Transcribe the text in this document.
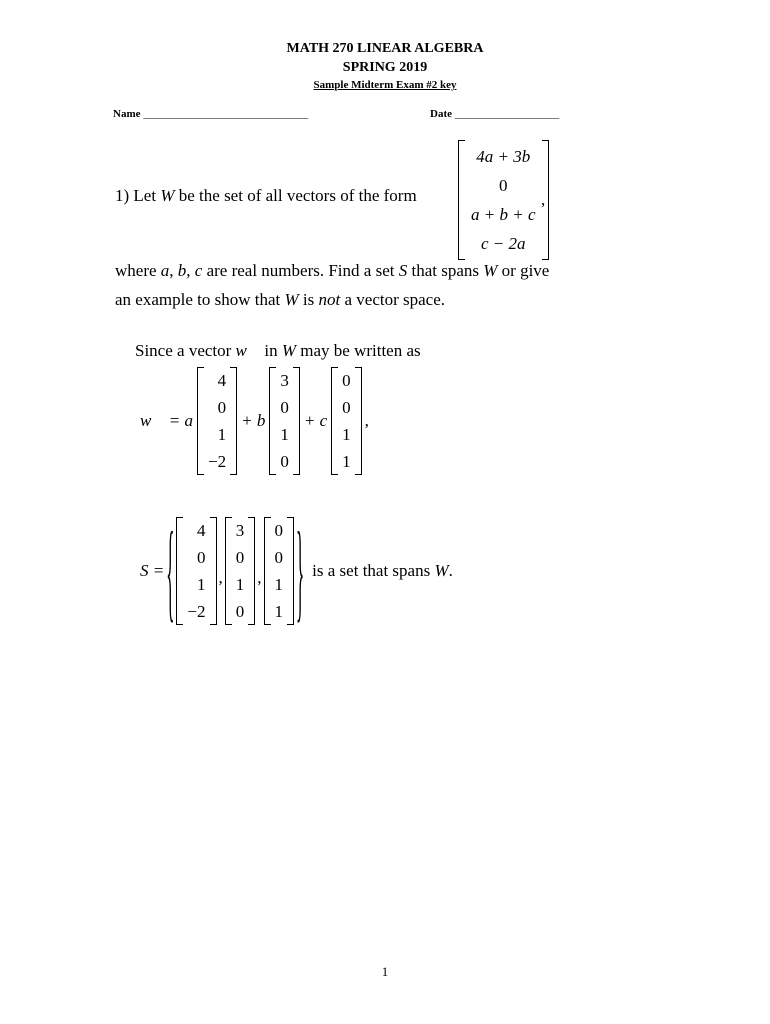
MATH 270 LINEAR ALGEBRA
SPRING 2019
Sample Midterm Exam #2 key
Name ______________________________	Date ___________________
1) Let W be the set of all vectors of the form
4a + 3b
0
a + b + c
c − 2a
,
where a, b, c are real numbers. Find a set S that spans W or give
an example to show that W is not a vector space.
Since a vector w⃗ in W may be written as
w⃗ = a
4
0
1
−2
+ b
3
0
1
0
+ c
0
0
1
1
,
S = {	4
0
1
−2
,
3
0
1
0
,
0
0
1
1 } is a set that spans W.
1
